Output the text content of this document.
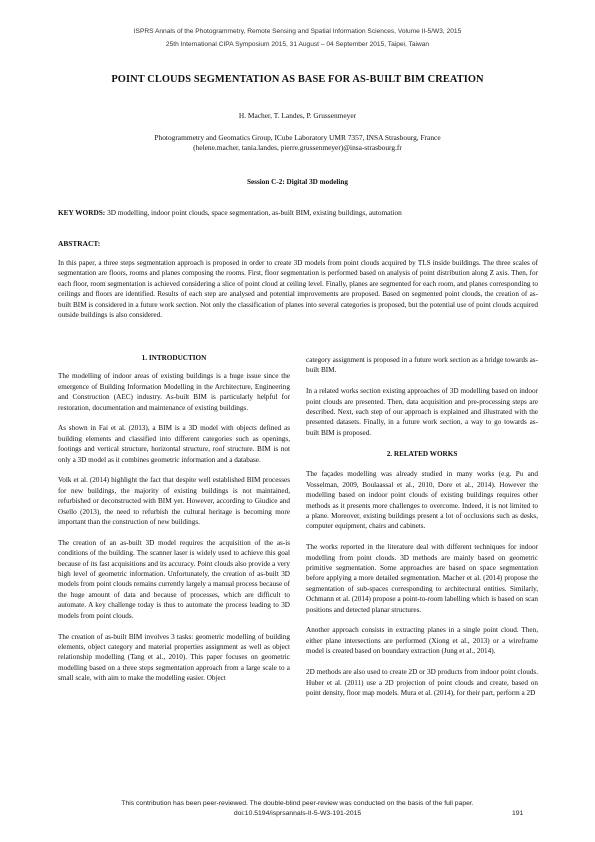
ISPRS Annals of the Photogrammetry, Remote Sensing and Spatial Information Sciences, Volume II-5/W3, 2015
25th International CIPA Symposium 2015, 31 August – 04 September 2015, Taipei, Taiwan
POINT CLOUDS SEGMENTATION AS BASE FOR AS-BUILT BIM CREATION
H. Macher, T. Landes, P. Grussenmeyer
Photogrammetry and Geomatics Group, ICube Laboratory UMR 7357, INSA Strasbourg, France
(helene.macher, tania.landes, pierre.grussenmeyer)@insa-strasbourg.fr
Session C-2: Digital 3D modeling
KEY WORDS: 3D modelling, indoor point clouds, space segmentation, as-built BIM, existing buildings, automation
ABSTRACT:
In this paper, a three steps segmentation approach is proposed in order to create 3D models from point clouds acquired by TLS inside buildings. The three scales of segmentation are floors, rooms and planes composing the rooms. First, floor segmentation is performed based on analysis of point distribution along Z axis. Then, for each floor, room segmentation is achieved considering a slice of point cloud at ceiling level. Finally, planes are segmented for each room, and planes corresponding to ceilings and floors are identified. Results of each step are analysed and potential improvements are proposed. Based on segmented point clouds, the creation of as-built BIM is considered in a future work section. Not only the classification of planes into several categories is proposed, but the potential use of point clouds acquired outside buildings is also considered.
1. INTRODUCTION

The modelling of indoor areas of existing buildings is a huge issue since the emergence of Building Information Modelling in the Architecture, Engineering and Construction (AEC) industry. As-built BIM is particularly helpful for restoration, documentation and maintenance of existing buildings.

As shown in Fai et al. (2013), a BIM is a 3D model with objects defined as building elements and classified into different categories such as openings, footings and vertical structure, horizontal structure, roof structure. BIM is not only a 3D model as it combines geometric information and a database.

Volk et al. (2014) highlight the fact that despite well established BIM processes for new buildings, the majority of existing buildings is not maintained, refurbished or deconstructed with BIM yet. However, according to Giudice and Osello (2013), the need to refurbish the cultural heritage is becoming more important than the construction of new buildings.

The creation of an as-built 3D model requires the acquisition of the as-is conditions of the building. The scanner laser is widely used to achieve this goal because of its fast acquisitions and its accuracy. Point clouds also provide a very high level of geometric information. Unfortunately, the creation of as-built 3D models from point clouds remains currently largely a manual process because of the huge amount of data and because of processes, which are difficult to automate. A key challenge today is thus to automate the process leading to 3D models from point clouds.

The creation of as-built BIM involves 3 tasks: geometric modelling of building elements, object category and material properties assignment as well as object relationship modelling (Tang et al., 2010). This paper focuses on geometric modelling based on a three steps segmentation approach from a large scale to a small scale, with aim to make the modelling easier. Object

category assignment is proposed in a future work section as a bridge towards as-built BIM.

In a related works section existing approaches of 3D modelling based on indoor point clouds are presented. Then, data acquisition and pre-processing steps are described. Next, each step of our approach is explained and illustrated with the presented datasets. Finally, in a future work section, a way to go towards as-built BIM is proposed.

2. RELATED WORKS

The façades modelling was already studied in many works (e.g. Pu and Vosselman, 2009, Boulaassal et al., 2010, Dore et al., 2014). However the modelling based on indoor point clouds of existing buildings requires other methods as it presents more challenges to overcome. Indeed, it is not limited to a plane. Moreover, existing buildings present a lot of occlusions such as desks, computer equipment, chairs and cabinets.

The works reported in the literature deal with different techniques for indoor modelling from point clouds. 3D methods are mainly based on geometric primitive segmentation. Some approaches are based on space segmentation before applying a more detailed segmentation. Macher et al. (2014) propose the segmentation of sub-spaces corresponding to architectural entities. Similarly, Ochmann et al. (2014) propose a point-to-room labelling which is based on scan positions and detected planar structures.

Another approach consists in extracting planes in a single point cloud. Then, either plane intersections are performed (Xiong et al., 2013) or a wireframe model is created based on boundary extraction (Jung et al., 2014).

2D methods are also used to create 2D or 3D products from indoor point clouds. Huber et al. (2011) use a 2D projection of point clouds and create, based on point density, floor map models. Mura et al. (2014), for their part, perform a 2D

This contribution has been peer-reviewed. The double-blind peer-review was conducted on the basis of the full paper.
doi:10.5194/isprsannals-II-5-W3-191-2015	191
